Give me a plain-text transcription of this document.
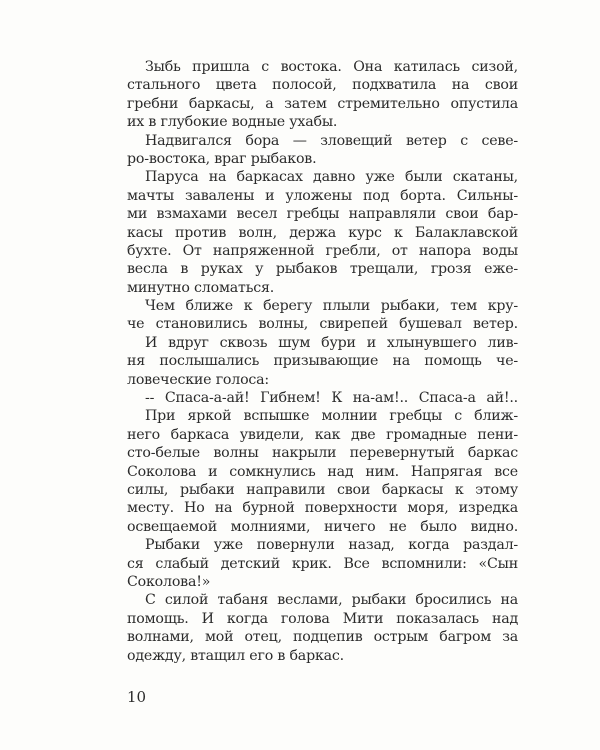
Зыбь пришла с востока. Она катилась сизой,
стального цвета полосой, подхватила на свои
гребни баркасы, а затем стремительно опустила
их в глубокие водные ухабы.
Надвигался бора — зловещий ветер с севе-
ро-востока, враг рыбаков.
Паруса на баркасах давно уже были скатаны,
мачты завалены и уложены под борта. Сильны-
ми взмахами весел гребцы направляли свои бар-
касы против волн, держа курс к Балаклавской
бухте. От напряженной гребли, от напора воды
весла в руках у рыбаков трещали, грозя еже-
минутно сломаться.
Чем ближе к берегу плыли рыбаки, тем кру-
че становились волны, свирепей бушевал ветер.
И вдруг сквозь шум бури и хлынувшего лив-
ня послышались призывающие на помощь че-
ловеческие голоса:
-- Спаса-а-ай! Гибнем! К на-ам!.. Спаса-а ай!..
При яркой вспышке молнии гребцы с ближ-
него баркаса увидели, как две громадные пени-
сто-белые волны накрыли перевернутый баркас
Соколова и сомкнулись над ним. Напрягая все
силы, рыбаки направили свои баркасы к этому
месту. Но на бурной поверхности моря, изредка
освещаемой молниями, ничего не было видно.
Рыбаки уже повернули назад, когда раздал-
ся слабый детский крик. Все вспомнили: «Сын
Соколова!»
С силой табаня веслами, рыбаки бросились на
помощь. И когда голова Мити показалась над
волнами, мой отец, подцепив острым багром за
одежду, втащил его в баркас.
10
